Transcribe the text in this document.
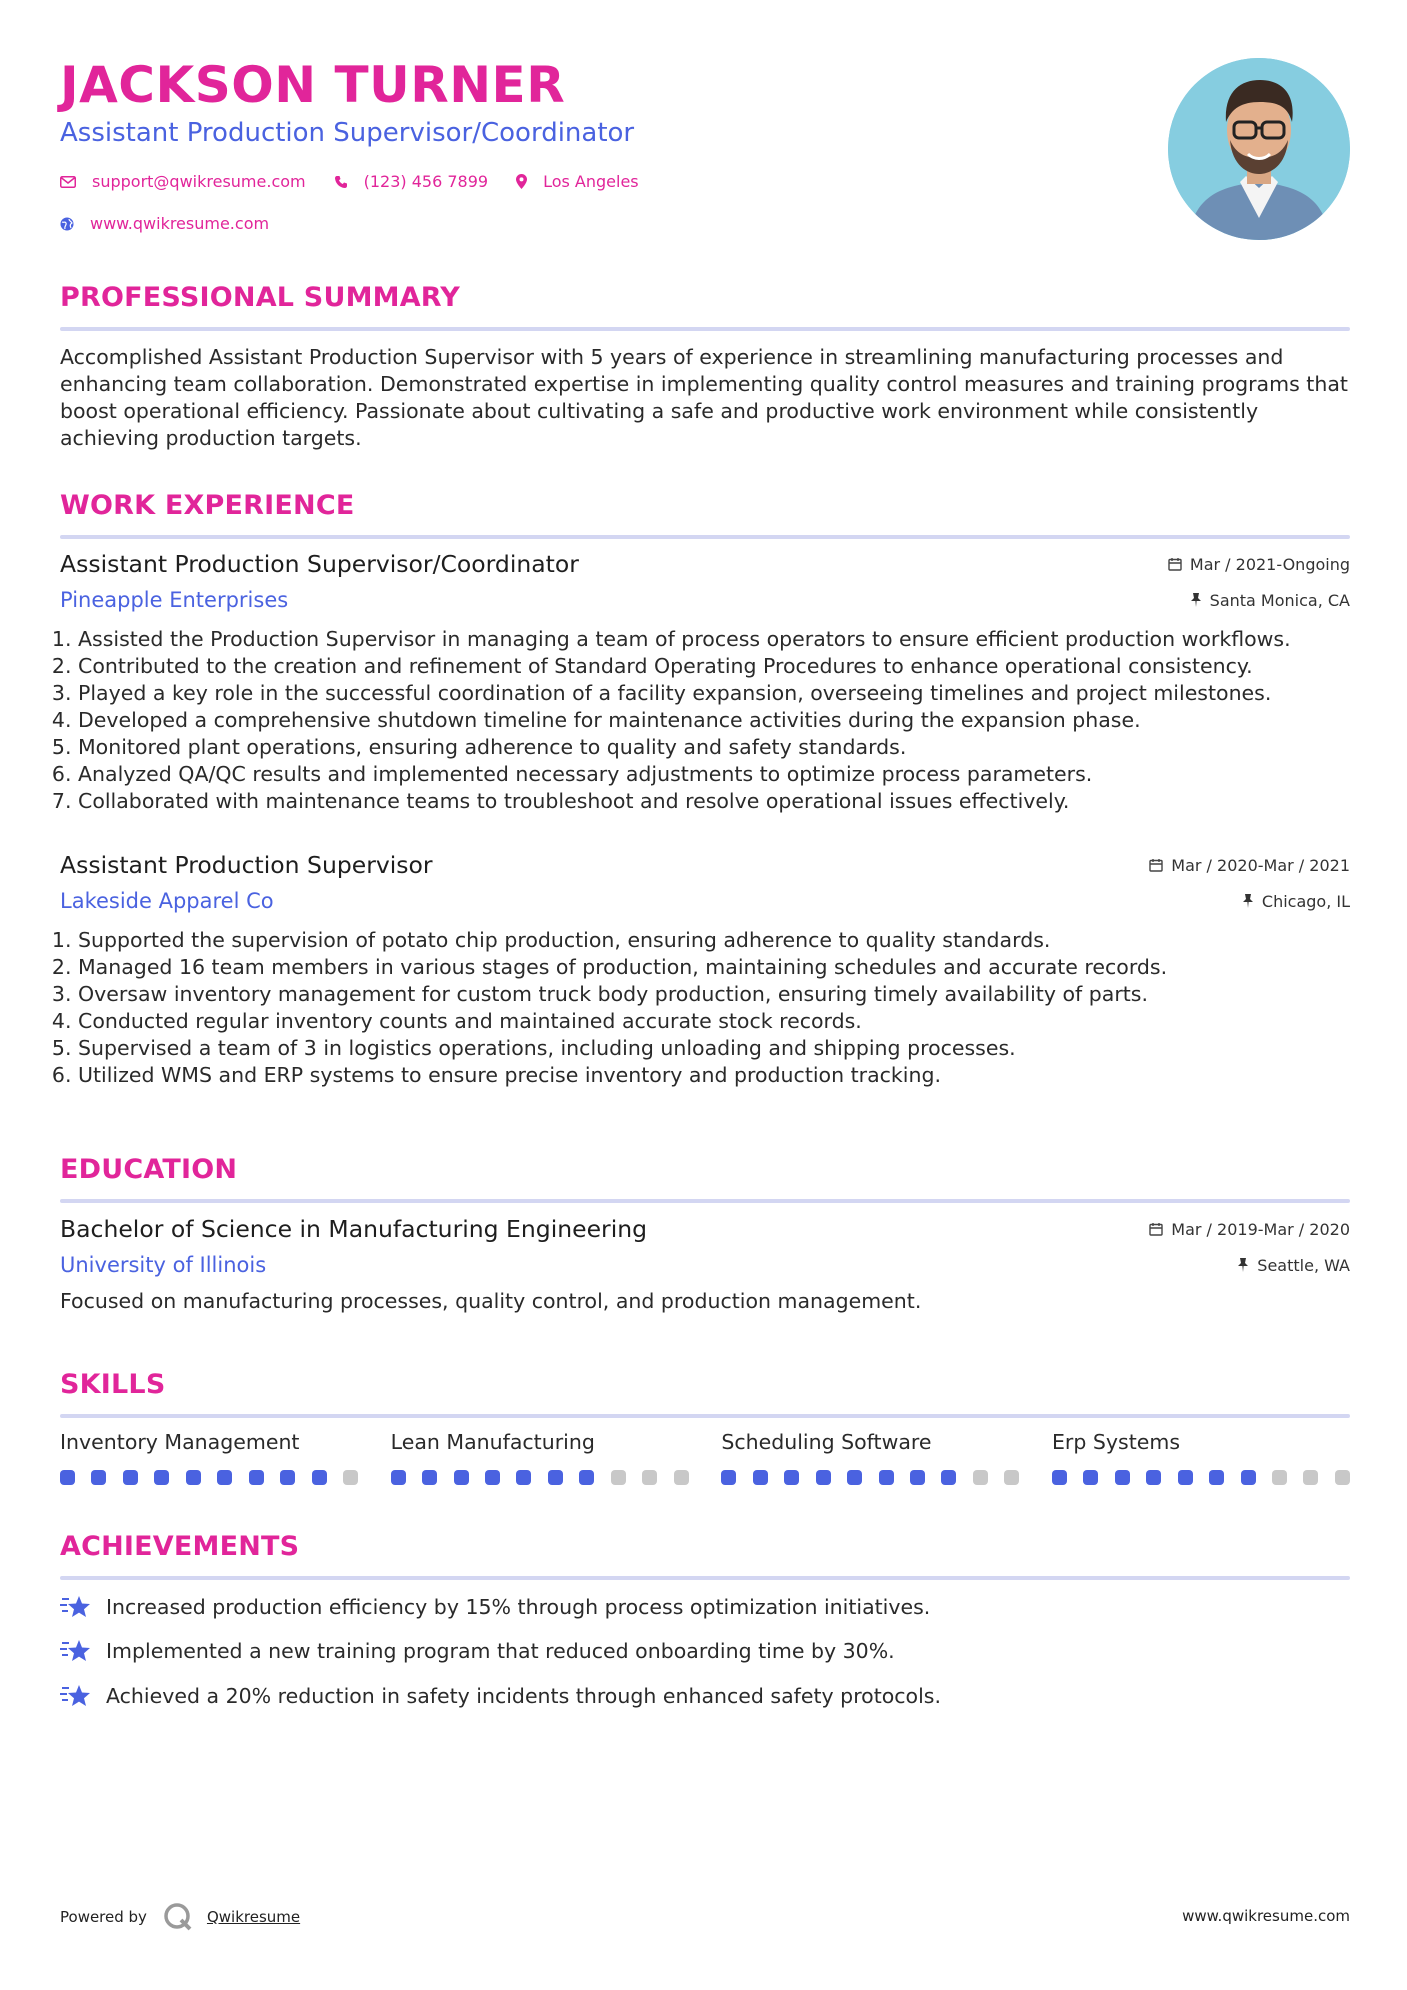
JACKSON TURNER
Assistant Production Supervisor/Coordinator
support@qwikresume.com	(123) 456 7899	Los Angeles
www.qwikresume.com
PROFESSIONAL SUMMARY

Accomplished Assistant Production Supervisor with 5 years of experience in streamlining manufacturing processes and enhancing team collaboration. Demonstrated expertise in implementing quality control measures and training programs that boost operational efficiency. Passionate about cultivating a safe and productive work environment while consistently achieving production targets.

WORK EXPERIENCE
Assistant Production Supervisor/Coordinator	Mar / 2021-Ongoing
Pineapple Enterprises	Santa Monica, CA
1. Assisted the Production Supervisor in managing a team of process operators to ensure efficient production workflows.
2. Contributed to the creation and refinement of Standard Operating Procedures to enhance operational consistency.
3. Played a key role in the successful coordination of a facility expansion, overseeing timelines and project milestones.
4. Developed a comprehensive shutdown timeline for maintenance activities during the expansion phase.
5. Monitored plant operations, ensuring adherence to quality and safety standards.
6. Analyzed QA/QC results and implemented necessary adjustments to optimize process parameters.
7. Collaborated with maintenance teams to troubleshoot and resolve operational issues effectively.
Assistant Production Supervisor	Mar / 2020-Mar / 2021
Lakeside Apparel Co	Chicago, IL
1. Supported the supervision of potato chip production, ensuring adherence to quality standards.
2. Managed 16 team members in various stages of production, maintaining schedules and accurate records.
3. Oversaw inventory management for custom truck body production, ensuring timely availability of parts.
4. Conducted regular inventory counts and maintained accurate stock records.
5. Supervised a team of 3 in logistics operations, including unloading and shipping processes.
6. Utilized WMS and ERP systems to ensure precise inventory and production tracking.
EDUCATION
Bachelor of Science in Manufacturing Engineering	Mar / 2019-Mar / 2020
University of Illinois	Seattle, WA
Focused on manufacturing processes, quality control, and production management.
SKILLS
Inventory Management	Lean Manufacturing	Scheduling Software	Erp Systems
ACHIEVEMENTS
Increased production efficiency by 15% through process optimization initiatives.
Implemented a new training program that reduced onboarding time by 30%.
Achieved a 20% reduction in safety incidents through enhanced safety protocols.
Powered by	Qwikresume	www.qwikresume.com
